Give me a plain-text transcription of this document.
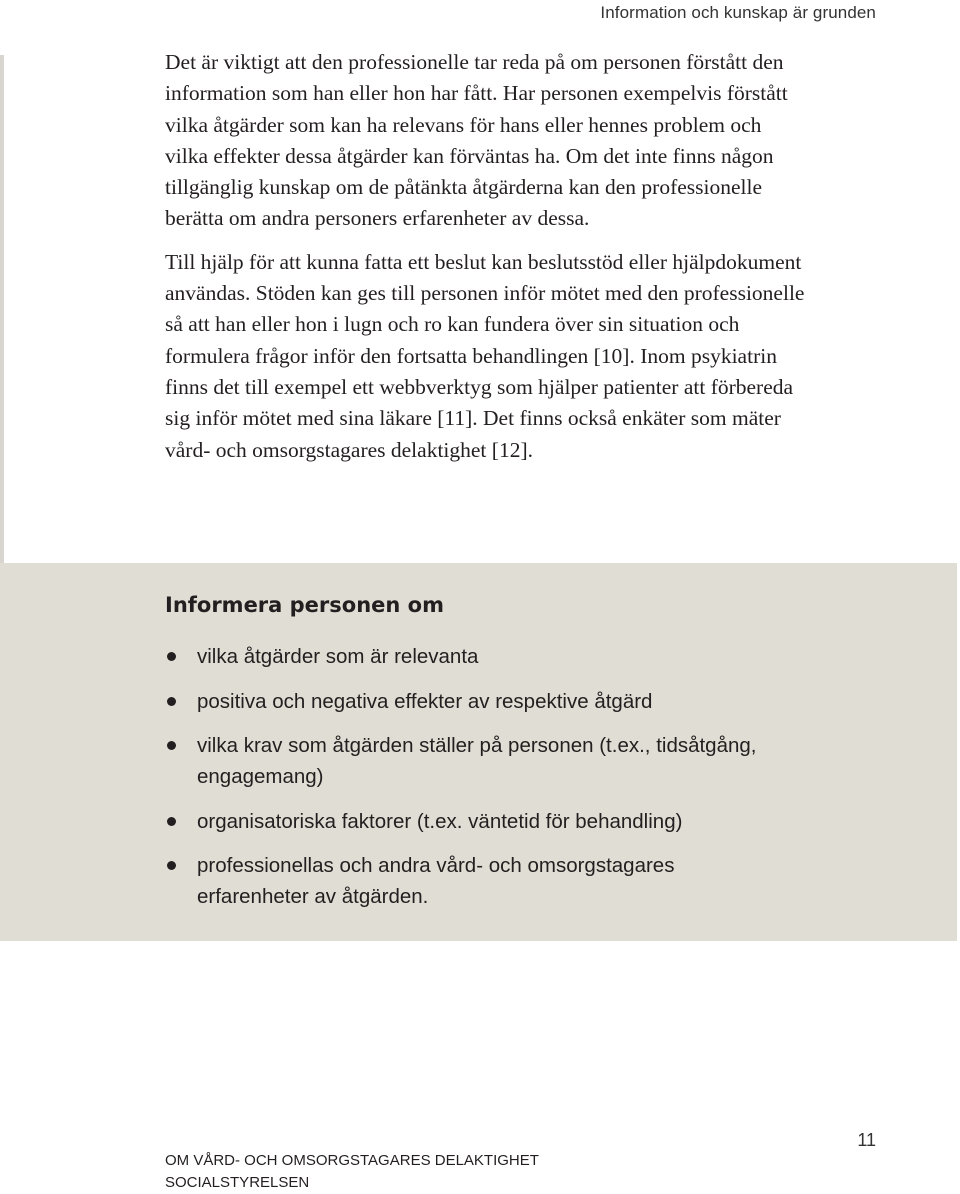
Information och kunskap är grunden

Det är viktigt att den professionelle tar reda på om personen förstått den information som han eller hon har fått. Har personen exempelvis förstått vilka åtgärder som kan ha relevans för hans eller hennes problem och vilka effekter dessa åtgärder kan förväntas ha. Om det inte finns någon tillgänglig kunskap om de påtänkta åtgärderna kan den professionelle berätta om andra personers erfarenheter av dessa.

Till hjälp för att kunna fatta ett beslut kan beslutsstöd eller hjälpdokument användas. Stöden kan ges till personen inför mötet med den professionelle så att han eller hon i lugn och ro kan fundera över sin situation och formulera frågor inför den fortsatta behandlingen [10]. Inom psykiatrin finns det till exempel ett webbverktyg som hjälper patienter att förbereda sig inför mötet med sina läkare [11]. Det finns också enkäter som mäter vård- och omsorgstagares delaktighet [12].

Informera personen om
vilka åtgärder som är relevanta
positiva och negativa effekter av respektive åtgärd
vilka krav som åtgärden ställer på personen (t.ex., tidsåtgång, engagemang)
organisatoriska faktorer (t.ex. väntetid för behandling)
professionellas och andra vård- och omsorgstagares erfarenheter av åtgärden.
OM VÅRD- OCH OMSORGSTAGARES DELAKTIGHET
SOCIALSTYRELSEN
11
